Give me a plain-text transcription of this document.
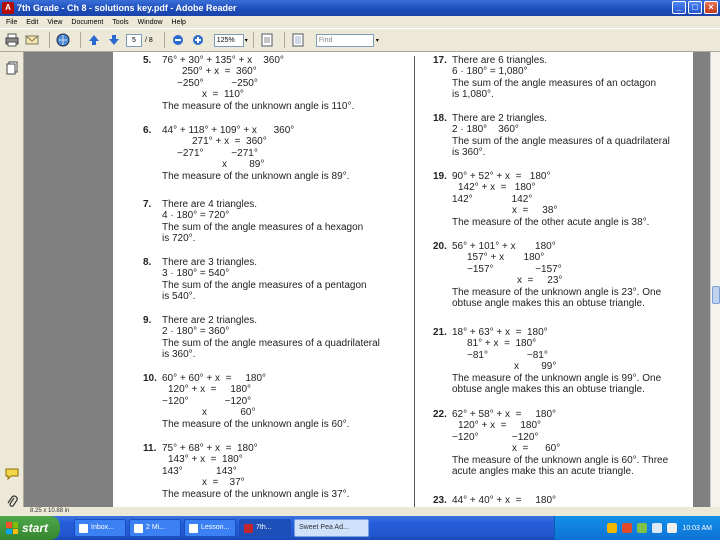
A 7th Grade - Ch 8 - solutions key.pdf - Adobe Reader	_	□	×
File Edit View Document Tools Window Help
5	/ 8	125%	▾	Find	▾
5. 76° + 30° + 135° + x    360°
250° + x  =  360°
−250°          −250°
x  =  110°
The measure of the unknown angle is 110°.
6. 44° + 118° + 109° + x      360°
271° + x  =  360°
−271°          −271°
x        89°
The measure of the unknown angle is 89°.
7. There are 4 triangles.
4 · 180° = 720°
The sum of the angle measures of a hexagon
is 720°.
8. There are 3 triangles.
3 · 180° = 540°
The sum of the angle measures of a pentagon
is 540°.
9. There are 2 triangles.
2 · 180° = 360°
The sum of the angle measures of a quadrilateral
is 360°.
10. 60° + 60° + x  =     180°
120° + x  =     180°
−120°             −120°
x            60°
The measure of the unknown angle is 60°.
11. 75° + 68° + x  =  180°
143° + x  =  180°
143°            143°
x  =    37°
The measure of the unknown angle is 37°.
17. There are 6 triangles.
6 · 180° = 1,080°
The sum of the angle measures of an octagon
is 1,080°.
18. There are 2 triangles.
2 · 180°    360°
The sum of the angle measures of a quadrilateral
is 360°.
19. 90° + 52° + x  =   180°
142° + x  =   180°
142°              142°
x  =     38°
The measure of the other acute angle is 38°.
20. 56° + 101° + x       180°
157° + x       180°
−157°               −157°
x  =     23°
The measure of the unknown angle is 23°. One
obtuse angle makes this an obtuse triangle.
21. 18° + 63° + x  =  180°
81° + x  =  180°
−81°              −81°
x        99°
The measure of the unknown angle is 99°. One
obtuse angle makes this an obtuse triangle.
22. 62° + 58° + x  =     180°
120° + x  =     180°
−120°            −120°
x  =      60°
The measure of the unknown angle is 60°. Three
acute angles make this an acute triangle.
23. 44° + 40° + x  =     180°
8.25 x 10.88 in
start	Inbox...	2 Mi...	Lesson...	7th...	Sweet Pea Ad...	10:03 AM
